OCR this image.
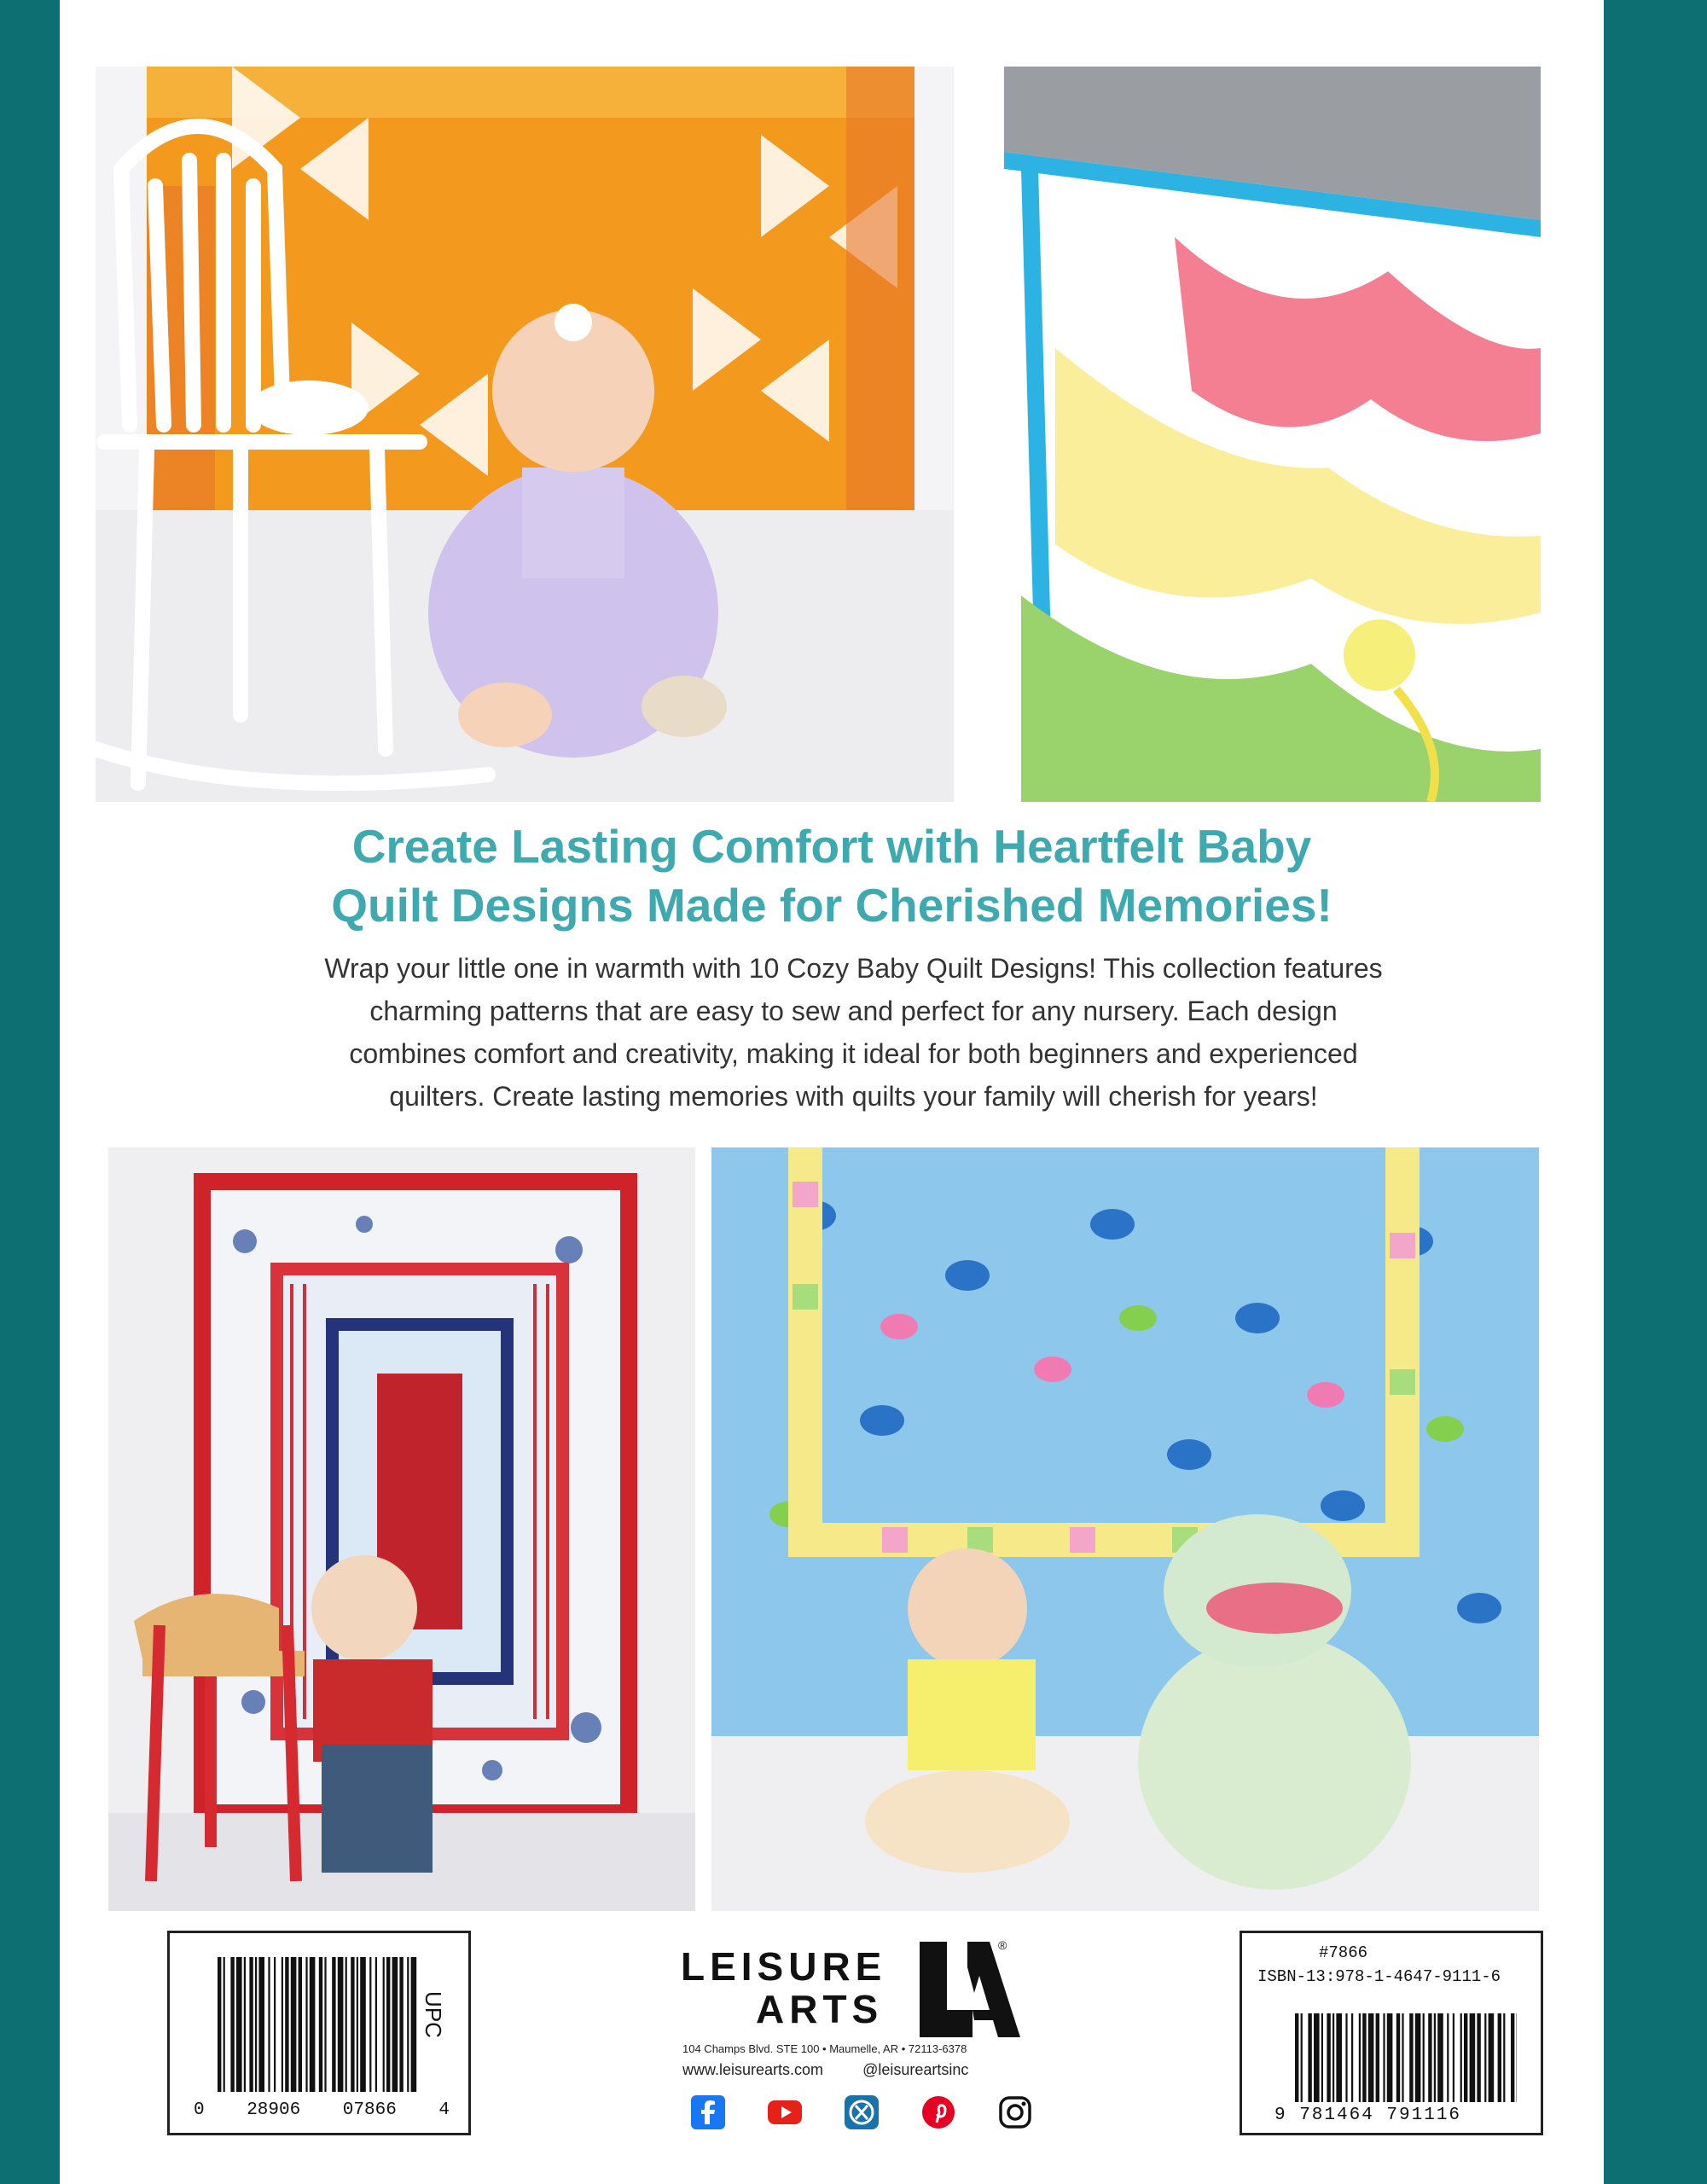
Create Lasting Comfort with Heartfelt Baby
Quilt Designs Made for Cherished Memories!

Wrap your little one in warmth with 10 Cozy Baby Quilt Designs! This collection features
charming patterns that are easy to sew and perfect for any nursery. Each design
combines comfort and creativity, making it ideal for both beginners and experienced
quilters. Create lasting memories with quilts your family will cherish for years!

0 28906 07866 4
UPC
LEISURE
ARTS
®
104 Champs Blvd. STE 100 • Maumelle, AR • 72113-6378
www.leisurearts.com	@leisureartsinc
#7866
ISBN-13:978-1-4647-9111-6
9 781464 791116
